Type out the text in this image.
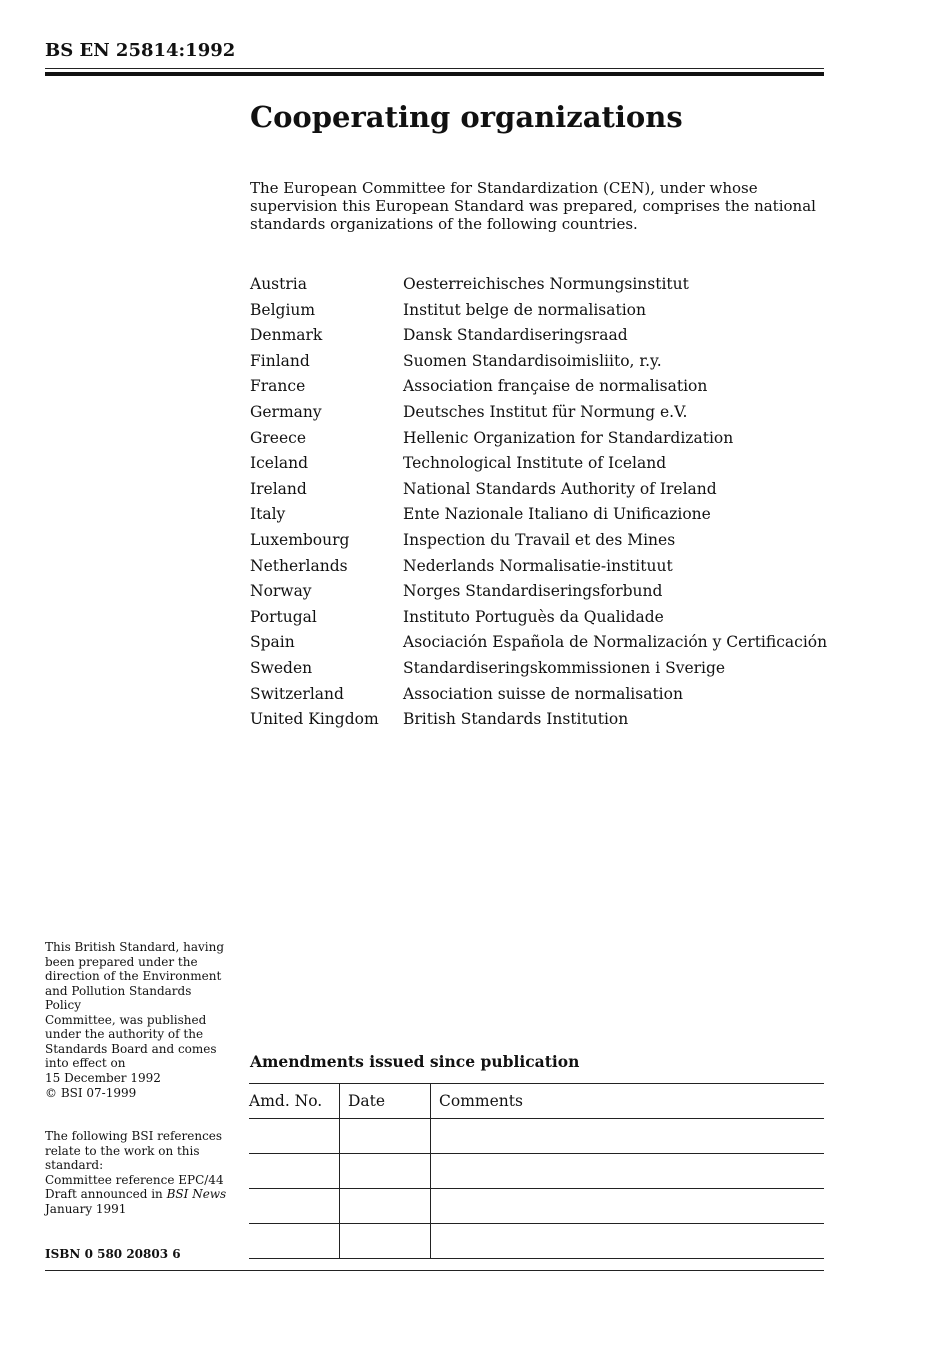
BS EN 25814:1992
Cooperating organizations

The European Committee for Standardization (CEN), under whose supervision this European Standard was prepared, comprises the national standards organizations of the following countries.

Austria	Oesterreichisches Normungsinstitut
Belgium	Institut belge de normalisation
Denmark	Dansk Standardiseringsraad
Finland	Suomen Standardisoimisliito, r.y.
France	Association française de normalisation
Germany	Deutsches Institut für Normung e.V.
Greece	Hellenic Organization for Standardization
Iceland	Technological Institute of Iceland
Ireland	National Standards Authority of Ireland
Italy	Ente Nazionale Italiano di Unificazione
Luxembourg	Inspection du Travail et des Mines
Netherlands	Nederlands Normalisatie-instituut
Norway	Norges Standardiseringsforbund
Portugal	Instituto Portuguès da Qualidade
Spain	Asociación Española de Normalización y Certificación
Sweden	Standardiseringskommissionen i Sverige
Switzerland	Association suisse de normalisation
United Kingdom British Standards Institution
This British Standard, having
been prepared under the
direction of the Environment
and Pollution Standards Policy
Committee, was published
under the authority of the
Standards Board and comes
into effect on
15 December 1992
© BSI 07-1999
The following BSI references
relate to the work on this
standard:
Committee reference EPC/44
Draft announced in BSI News
January 1991
ISBN 0 580 20803 6
Amendments issued since publication
Amd. No.	Date	Comments
